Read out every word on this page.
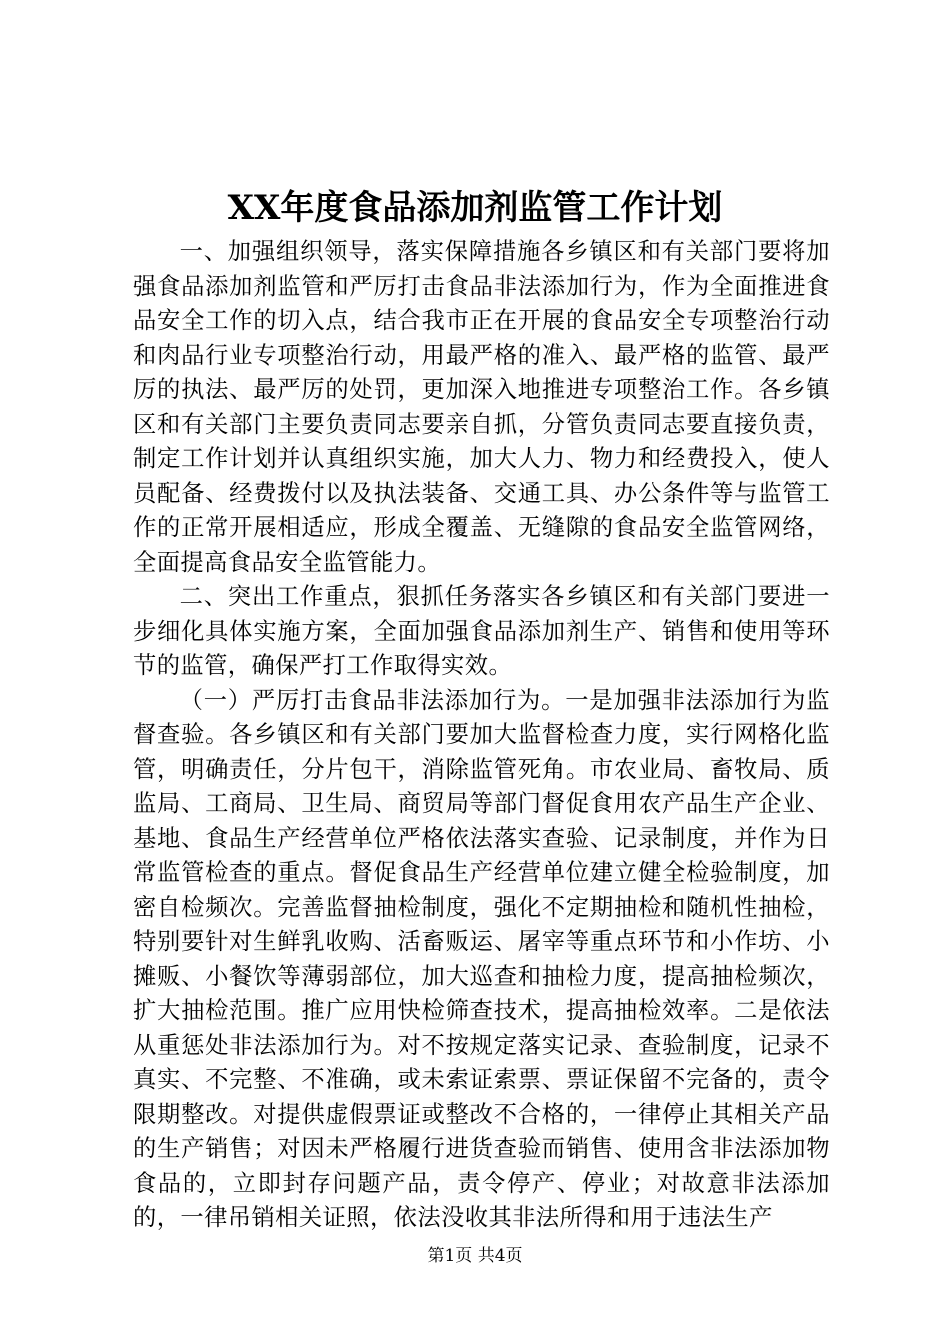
XX年度食品添加剂监管工作计划

一、加强组织领导，落实保障措施各乡镇区和有关部门要将加强食品添加剂监管和严厉打击食品非法添加行为，作为全面推进食品安全工作的切入点，结合我市正在开展的食品安全专项整治行动和肉品行业专项整治行动，用最严格的准入、最严格的监管、最严厉的执法、最严厉的处罚，更加深入地推进专项整治工作。各乡镇区和有关部门主要负责同志要亲自抓，分管负责同志要直接负责，制定工作计划并认真组织实施，加大人力、物力和经费投入，使人员配备、经费拨付以及执法装备、交通工具、办公条件等与监管工作的正常开展相适应，形成全覆盖、无缝隙的食品安全监管网络，全面提高食品安全监管能力。

二、突出工作重点，狠抓任务落实各乡镇区和有关部门要进一步细化具体实施方案，全面加强食品添加剂生产、销售和使用等环节的监管，确保严打工作取得实效。

（一）严厉打击食品非法添加行为。一是加强非法添加行为监督查验。各乡镇区和有关部门要加大监督检查力度，实行网格化监管，明确责任，分片包干，消除监管死角。市农业局、畜牧局、质监局、工商局、卫生局、商贸局等部门督促食用农产品生产企业、基地、食品生产经营单位严格依法落实查验、记录制度，并作为日常监管检查的重点。督促食品生产经营单位建立健全检验制度，加密自检频次。完善监督抽检制度，强化不定期抽检和随机性抽检，特别要针对生鲜乳收购、活畜贩运、屠宰等重点环节和小作坊、小摊贩、小餐饮等薄弱部位，加大巡查和抽检力度，提高抽检频次，扩大抽检范围。推广应用快检筛查技术，提高抽检效率。二是依法从重惩处非法添加行为。对不按规定落实记录、查验制度，记录不真实、不完整、不准确，或未索证索票、票证保留不完备的，责令限期整改。对提供虚假票证或整改不合格的，一律停止其相关产品的生产销售；对因未严格履行进货查验而销售、使用含非法添加物食品的，立即封存问题产品，责令停产、停业；对故意非法添加的，一律吊销相关证照，依法没收其非法所得和用于违法生产

第1页 共4页
